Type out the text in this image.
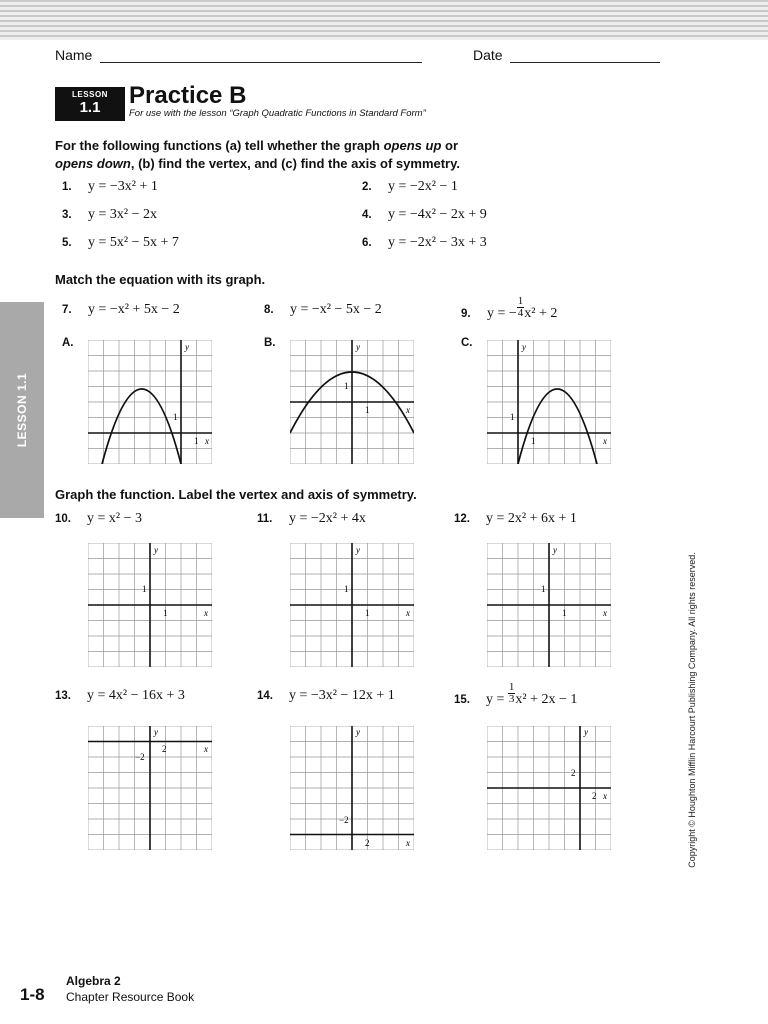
Name	Date
LESSON
1.1	Practice B
For use with the lesson “Graph Quadratic Functions in Standard Form”
For the following functions (a) tell whether the graph opens up or
opens down, (b) find the vertex, and (c) find the axis of symmetry.
1. y = −3x² + 1	2. y = −2x² − 1
3. y = 3x² − 2x	4. y = −4x² − 2x + 9
5. y = 5x² − 5x + 7	6. y = −2x² − 3x + 3
Match the equation with its graph.
7. y = −x² + 5x − 2	8. y = −x² − 5x − 2	9. y = − $\frac{1}{4} x^2 + 2$
A.	B.	C.
y
x
1
1
y
x
1
1
y
x
1
1
Graph the function. Label the vertex and axis of symmetry.
10. y = x² − 3	11. y = −2x² + 4x	12. y = 2x² + 6x + 1
y
x
1
1
y
x
1
1
y
x
1
1
13. y = 4x² − 16x + 3	14. y = −3x² − 12x + 1	15. $y = \frac{1}{3} x^2 + 2x - 1$
y
x
−2
2
y
x
−2
2
y
x
2
2
LESSON 1.1
Copyright © Houghton Mifflin Harcourt Publishing Company. All rights reserved.
1-8
Algebra 2
Chapter Resource Book
